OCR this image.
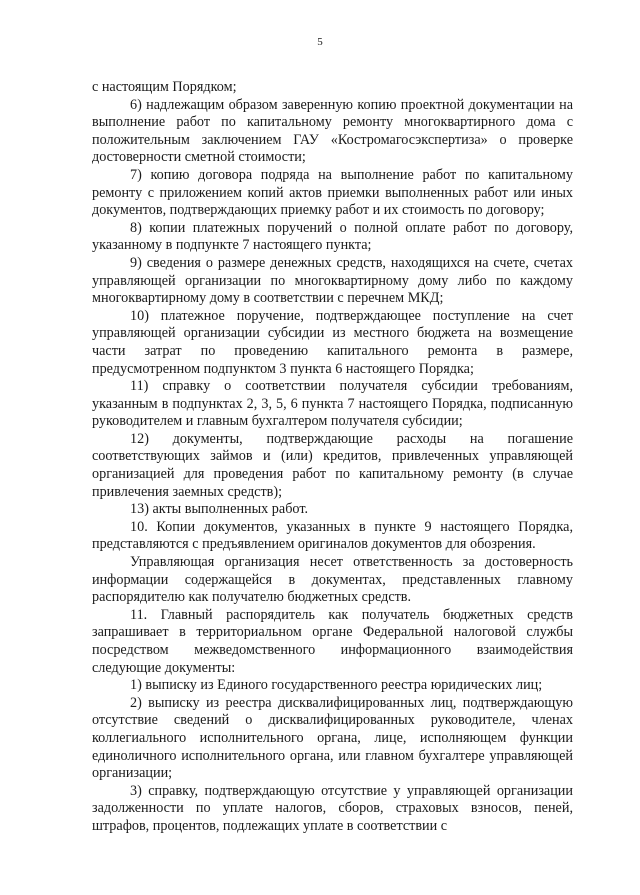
5

с настоящим Порядком;

6) надлежащим образом заверенную копию проектной документации на выполнение работ по капитальному ремонту многоквартирного дома с положительным заключением ГАУ «Костромагосэкспертиза» о проверке достоверности сметной стоимости;

7) копию договора подряда на выполнение работ по капитальному ремонту с приложением копий актов приемки выполненных работ или иных документов, подтверждающих приемку работ и их стоимость по договору;

8) копии платежных поручений о полной оплате работ по договору, указанному в подпункте 7 настоящего пункта;

9) сведения о размере денежных средств, находящихся на счете, счетах управляющей организации по многоквартирному дому либо по каждому многоквартирному дому в соответствии с перечнем МКД;

10) платежное поручение, подтверждающее поступление на счет управляющей организации субсидии из местного бюджета на возмещение части затрат по проведению капитального ремонта в размере, предусмотренном подпунктом 3 пункта 6 настоящего Порядка;

11) справку о соответствии получателя субсидии требованиям, указанным в подпунктах 2, 3, 5, 6 пункта 7 настоящего Порядка, подписанную руководителем и главным бухгалтером получателя субсидии;

12) документы, подтверждающие расходы на погашение соответствующих займов и (или) кредитов, привлеченных управляющей организацией для проведения работ по капитальному ремонту (в случае привлечения заемных средств);

13) акты выполненных работ.

10. Копии документов, указанных в пункте 9 настоящего Порядка, представляются с предъявлением оригиналов документов для обозрения.

Управляющая организация несет ответственность за достоверность информации содержащейся в документах, представленных главному распорядителю как получателю бюджетных средств.

11. Главный распорядитель как получатель бюджетных средств запрашивает в территориальном органе Федеральной налоговой службы посредством межведомственного информационного взаимодействия следующие документы:

1) выписку из Единого государственного реестра юридических лиц;

2) выписку из реестра дисквалифицированных лиц, подтверждающую отсутствие сведений о дисквалифицированных руководителе, членах коллегиального исполнительного органа, лице, исполняющем функции единоличного исполнительного органа, или главном бухгалтере управляющей организации;

3) справку, подтверждающую отсутствие у управляющей организации задолженности по уплате налогов, сборов, страховых взносов, пеней, штрафов, процентов, подлежащих уплате в соответствии с
